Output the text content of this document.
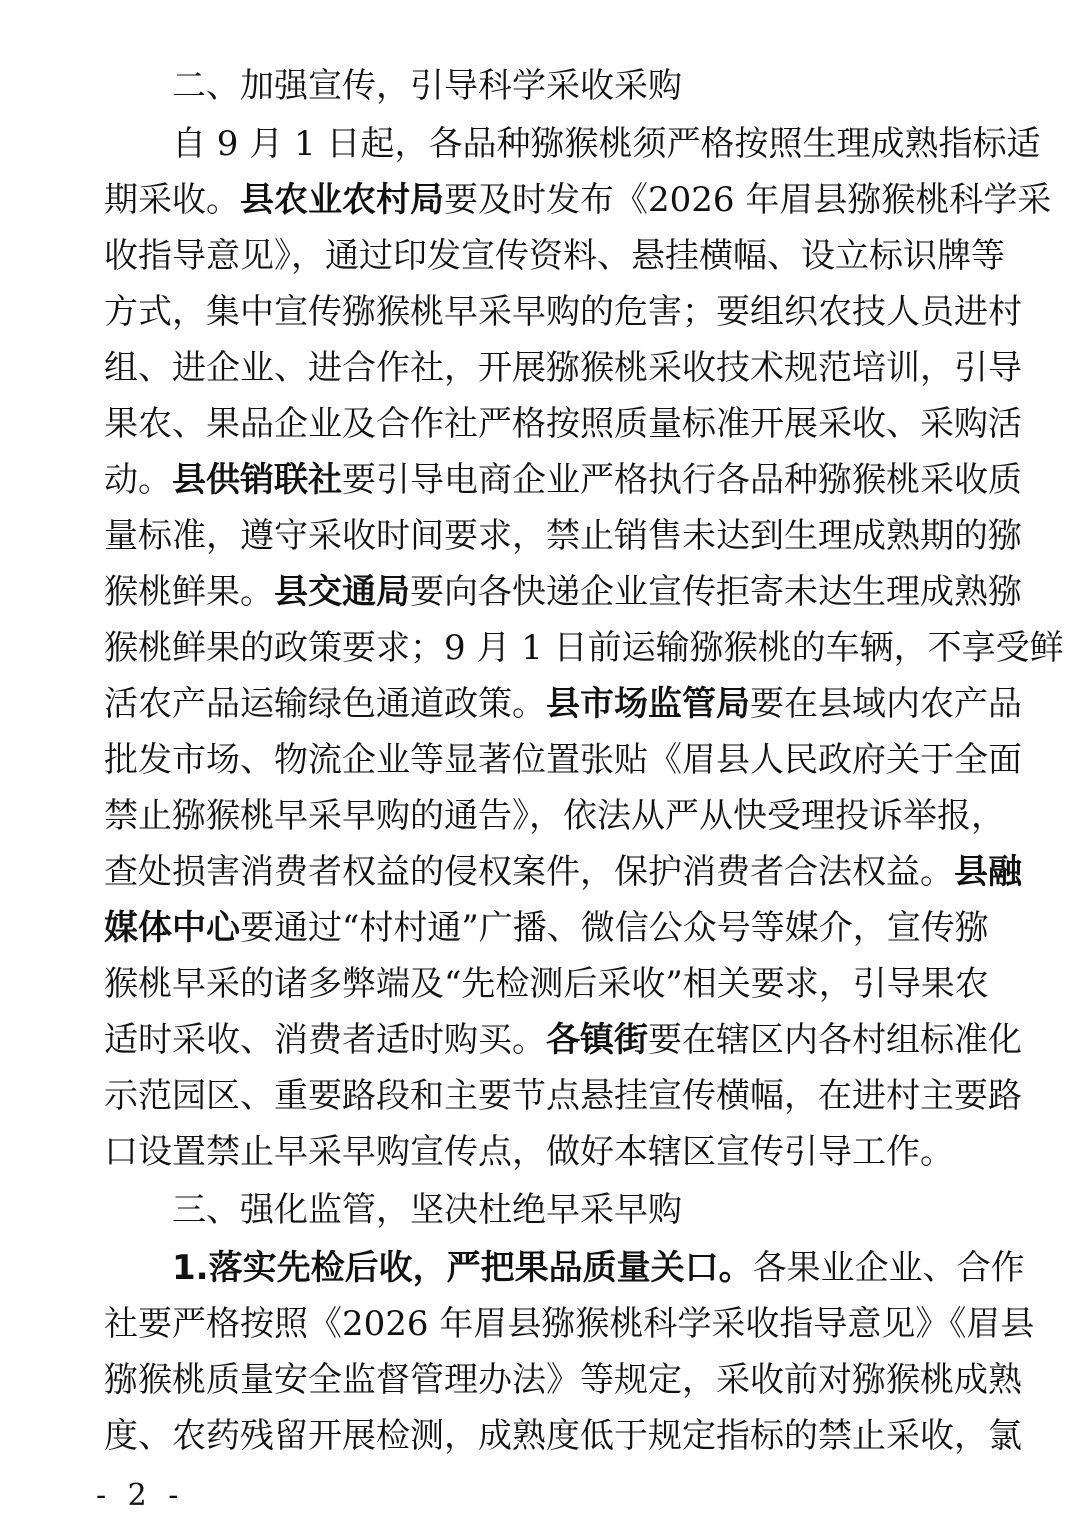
二、加强宣传，引导科学采收采购
自 9 月 1 日起，各品种猕猴桃须严格按照生理成熟指标适
期采收。县农业农村局要及时发布《2026 年眉县猕猴桃科学采
收指导意见》，通过印发宣传资料、悬挂横幅、设立标识牌等
方式，集中宣传猕猴桃早采早购的危害；要组织农技人员进村
组、进企业、进合作社，开展猕猴桃采收技术规范培训，引导
果农、果品企业及合作社严格按照质量标准开展采收、采购活
动。县供销联社要引导电商企业严格执行各品种猕猴桃采收质
量标准，遵守采收时间要求，禁止销售未达到生理成熟期的猕
猴桃鲜果。县交通局要向各快递企业宣传拒寄未达生理成熟猕
猴桃鲜果的政策要求；9 月 1 日前运输猕猴桃的车辆，不享受鲜
活农产品运输绿色通道政策。县市场监管局要在县域内农产品
批发市场、物流企业等显著位置张贴《眉县人民政府关于全面
禁止猕猴桃早采早购的通告》，依法从严从快受理投诉举报，
查处损害消费者权益的侵权案件，保护消费者合法权益。县融
媒体中心要通过“村村通”广播、微信公众号等媒介，宣传猕
猴桃早采的诸多弊端及“先检测后采收”相关要求，引导果农
适时采收、消费者适时购买。各镇街要在辖区内各村组标准化
示范园区、重要路段和主要节点悬挂宣传横幅，在进村主要路
口设置禁止早采早购宣传点，做好本辖区宣传引导工作。
三、强化监管，坚决杜绝早采早购
1.落实先检后收，严把果品质量关口。各果业企业、合作
社要严格按照《2026 年眉县猕猴桃科学采收指导意见》《眉县
猕猴桃质量安全监督管理办法》等规定，采收前对猕猴桃成熟
度、农药残留开展检测，成熟度低于规定指标的禁止采收，氯
- 2 -
